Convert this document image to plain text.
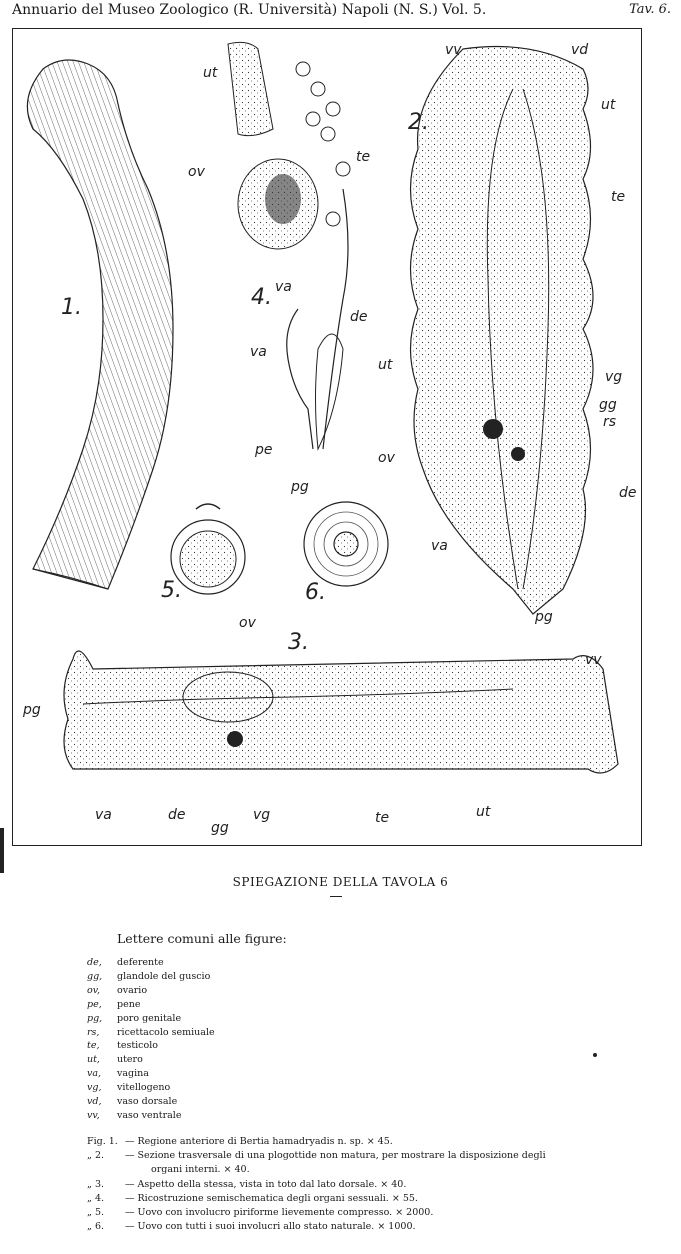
Annuario del Museo Zoologico (R. Università) Napoli (N. S.) Vol. 5.	Tav. 6.
1.
2.
3.
4.
5.	6.
ut
ov
te
va
va
de
pe
pg
vv	vd
ut
te
ut
vg
gg
rs
ov
de
va
pg
ov
vv
pg
va	de
gg
vg	te	ut
SPIEGAZIONE DELLA TAVOLA 6
Lettere comuni alle figure:
de, deferente
gg, glandole del guscio
ov, ovario
pe, pene
pg, poro genitale
rs, ricettacolo semiuale
te, testicolo
ut, utero
va, vagina
vg, vitellogeno
vd, vaso dorsale
vv, vaso ventrale
Fig. 1. — Regione anteriore di Bertia hamadryadis n. sp. × 45.
„ 2. — Sezione trasversale di una plogottide non matura, per mostrare la disposizione degli
organi interni. × 40.
„ 3. — Aspetto della stessa, vista in toto dal lato dorsale. × 40.
„ 4. — Ricostruzione semischematica degli organi sessuali. × 55.
„ 5. — Uovo con involucro piriforme lievemente compresso. × 2000.
„ 6. — Uovo con tutti i suoi involucri allo stato naturale. × 1000.
